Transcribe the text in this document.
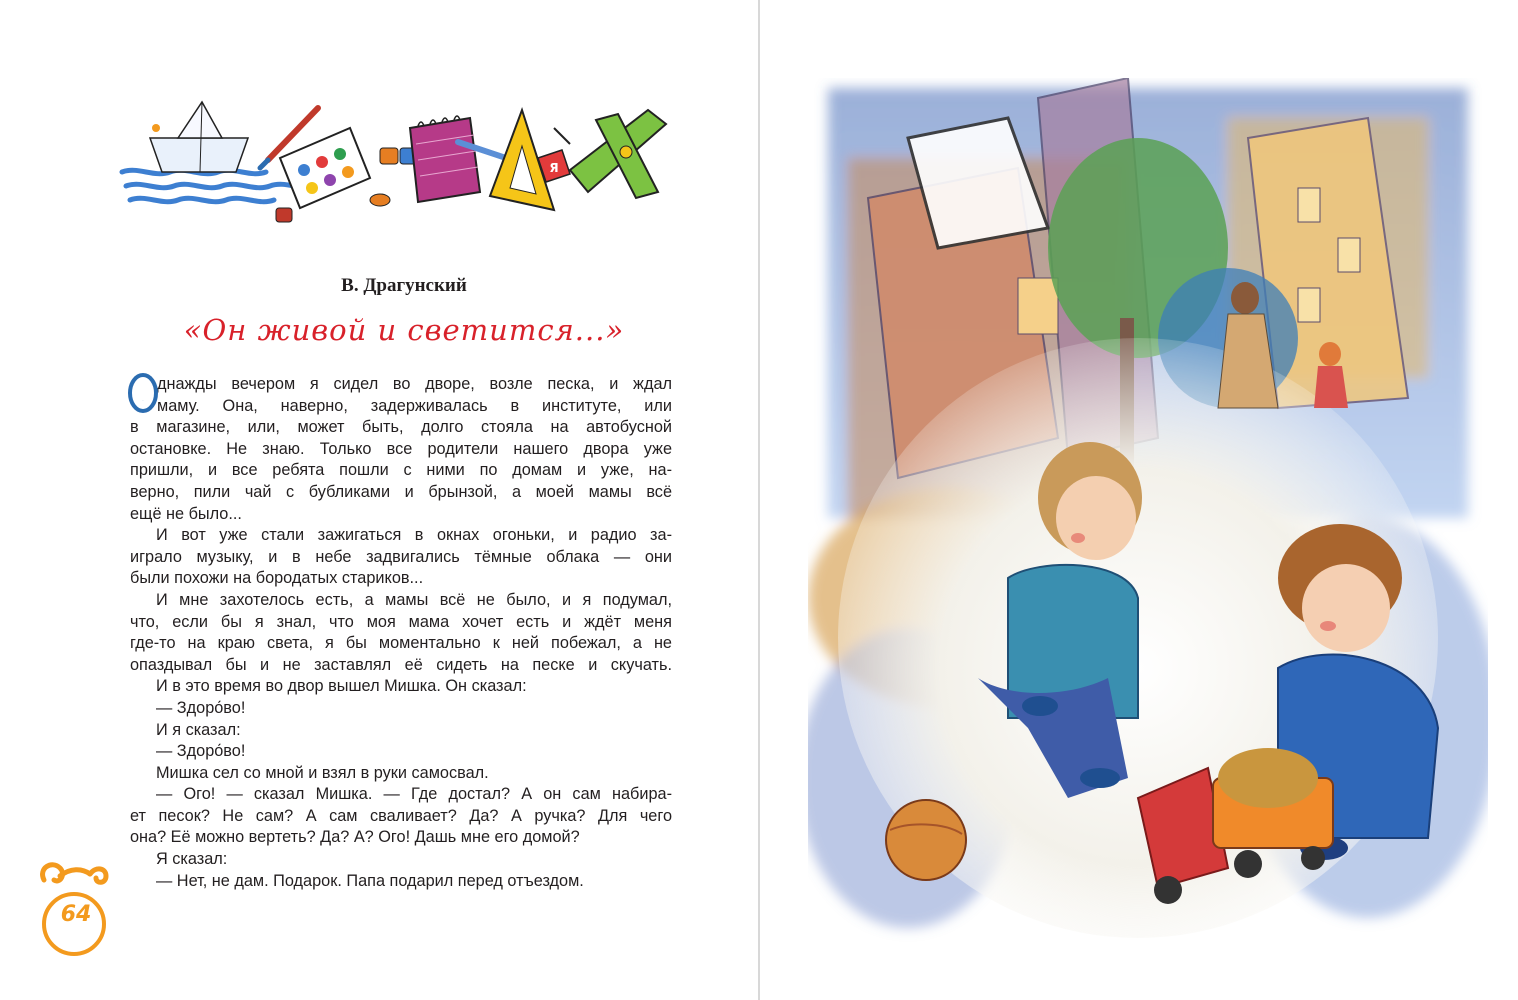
Я
В. Драгунский
«Он живой и светится...»
О
днажды вечером я сидел во дворе, возле песка, и ждал
маму. Она, наверно, задерживалась в институте, или
в магазине, или, может быть, долго стояла на автобусной
остановке. Не знаю. Только все родители нашего двора уже
пришли, и все ребята пошли с ними по домам и уже, на-
верно, пили чай с бубликами и брынзой, а моей мамы всё
ещё не было...
И вот уже стали зажигаться в окнах огоньки, и радио за-
играло музыку, и в небе задвигались тёмные облака — они
были похожи на бородатых стариков...
И мне захотелось есть, а мамы всё не было, и я подумал,
что, если бы я знал, что моя мама хочет есть и ждёт меня
где-то на краю света, я бы моментально к ней побежал, а не
опаздывал бы и не заставлял её сидеть на песке и скучать.
И в это время во двор вышел Мишка. Он сказал:
— Здоро́во!
И я сказал:
— Здоро́во!
Мишка сел со мной и взял в руки самосвал.
— Ого! — сказал Мишка. — Где достал? А он сам набира-
ет песок? Не сам? А сам сваливает? Да? А ручка? Для чего
она? Её можно вертеть? Да? А? Ого! Дашь мне его домой?
Я сказал:
— Нет, не дам. Подарок. Папа подарил перед отъездом.
64
